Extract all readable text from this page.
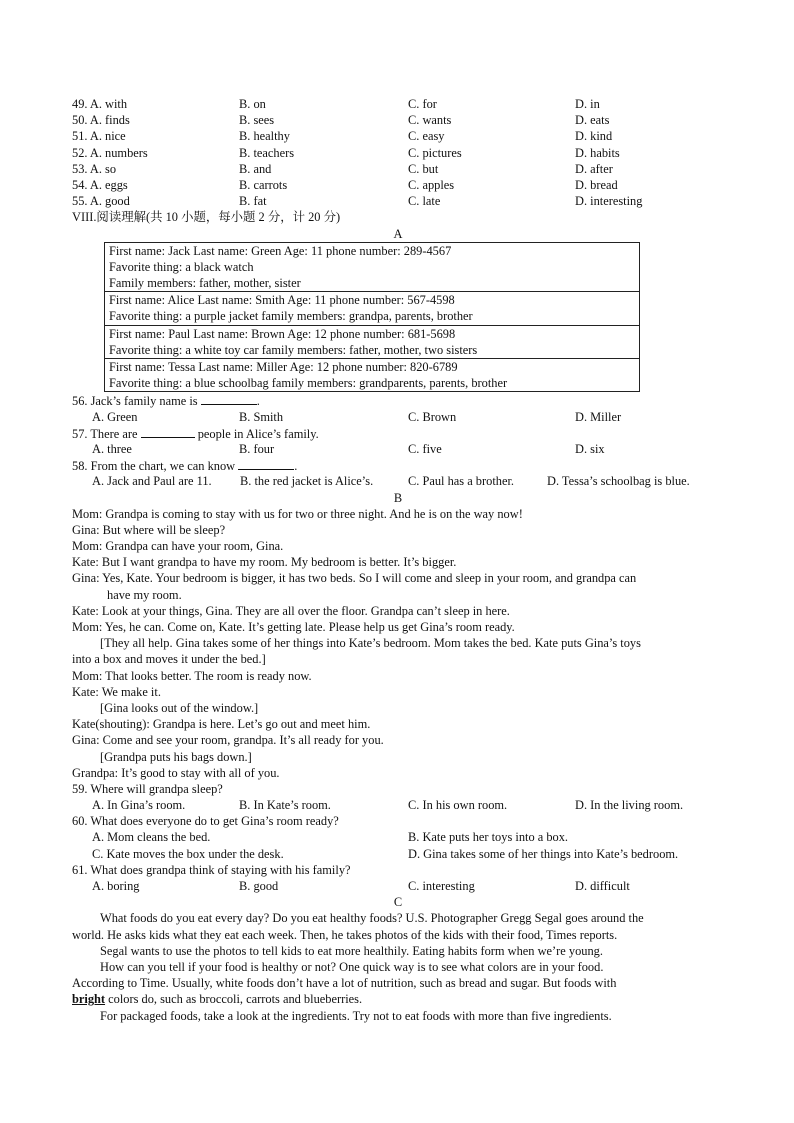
49. A. with	B. on	C. for	D. in
50. A. finds	B. sees	C. wants	D. eats
51. A. nice	B. healthy	C. easy	D. kind
52. A. numbers	B. teachers	C. pictures	D. habits
53. A. so	B. and	C. but	D. after
54. A. eggs	B. carrots	C. apples	D. bread
55. A. good	B. fat	C. late	D. interesting
VIII.阅读理解(共 10 小题，每小题 2 分，计 20 分)
A
First name: Jack Last name: Green Age: 11 phone number: 289-4567
Favorite thing: a black watch
Family members: father, mother, sister

First name: Alice Last name: Smith Age: 11 phone number: 567-4598
Favorite thing: a purple jacket family members: grandpa, parents, brother

First name: Paul Last name: Brown Age: 12 phone number: 681-5698
Favorite thing: a white toy car family members: father, mother, two sisters

First name: Tessa Last name: Miller Age: 12 phone number: 820-6789
Favorite thing: a blue schoolbag family members: grandparents, parents, brother
56. Jack’s family name is	.
A. Green	B. Smith	C. Brown	D. Miller
57. There are	people in Alice’s family.
A. three	B. four	C. five	D. six
58. From the chart, we can know	.
A. Jack and Paul are 11. B. the red jacket is Alice’s.	C. Paul has a brother.	D. Tessa’s schoolbag is blue.
B
Mom: Grandpa is coming to stay with us for two or three night. And he is on the way now!
Gina: But where will be sleep?
Mom: Grandpa can have your room, Gina.
Kate: But I want grandpa to have my room. My bedroom is better. It’s bigger.
Gina: Yes, Kate. Your bedroom is bigger, it has two beds. So I will come and sleep in your room, and grandpa can
have my room.
Kate: Look at your things, Gina. They are all over the floor. Grandpa can’t sleep in here.
Mom: Yes, he can. Come on, Kate. It’s getting late. Please help us get Gina’s room ready.
[They all help. Gina takes some of her things into Kate’s bedroom. Mom takes the bed. Kate puts Gina’s toys
into a box and moves it under the bed.]
Mom: That looks better. The room is ready now.
Kate: We make it.
[Gina looks out of the window.]
Kate(shouting): Grandpa is here. Let’s go out and meet him.
Gina: Come and see your room, grandpa. It’s all ready for you.
[Grandpa puts his bags down.]
Grandpa: It’s good to stay with all of you.
59. Where will grandpa sleep?
A. In Gina’s room.	B. In Kate’s room.	C. In his own room.	D. In the living room.
60. What does everyone do to get Gina’s room ready?
A. Mom cleans the bed.	B. Kate puts her toys into a box.
C. Kate moves the box under the desk.	D. Gina takes some of her things into Kate’s bedroom.
61. What does grandpa think of staying with his family?
A. boring	B. good	C. interesting	D. difficult
C
What foods do you eat every day? Do you eat healthy foods? U.S. Photographer Gregg Segal goes around the
world. He asks kids what they eat each week. Then, he takes photos of the kids with their food, Times reports.
Segal wants to use the photos to tell kids to eat more healthily. Eating habits form when we’re young.
How can you tell if your food is healthy or not? One quick way is to see what colors are in your food.
According to Time. Usually, white foods don’t have a lot of nutrition, such as bread and sugar. But foods with
bright colors do, such as broccoli, carrots and blueberries.
For packaged foods, take a look at the ingredients. Try not to eat foods with more than five ingredients.
